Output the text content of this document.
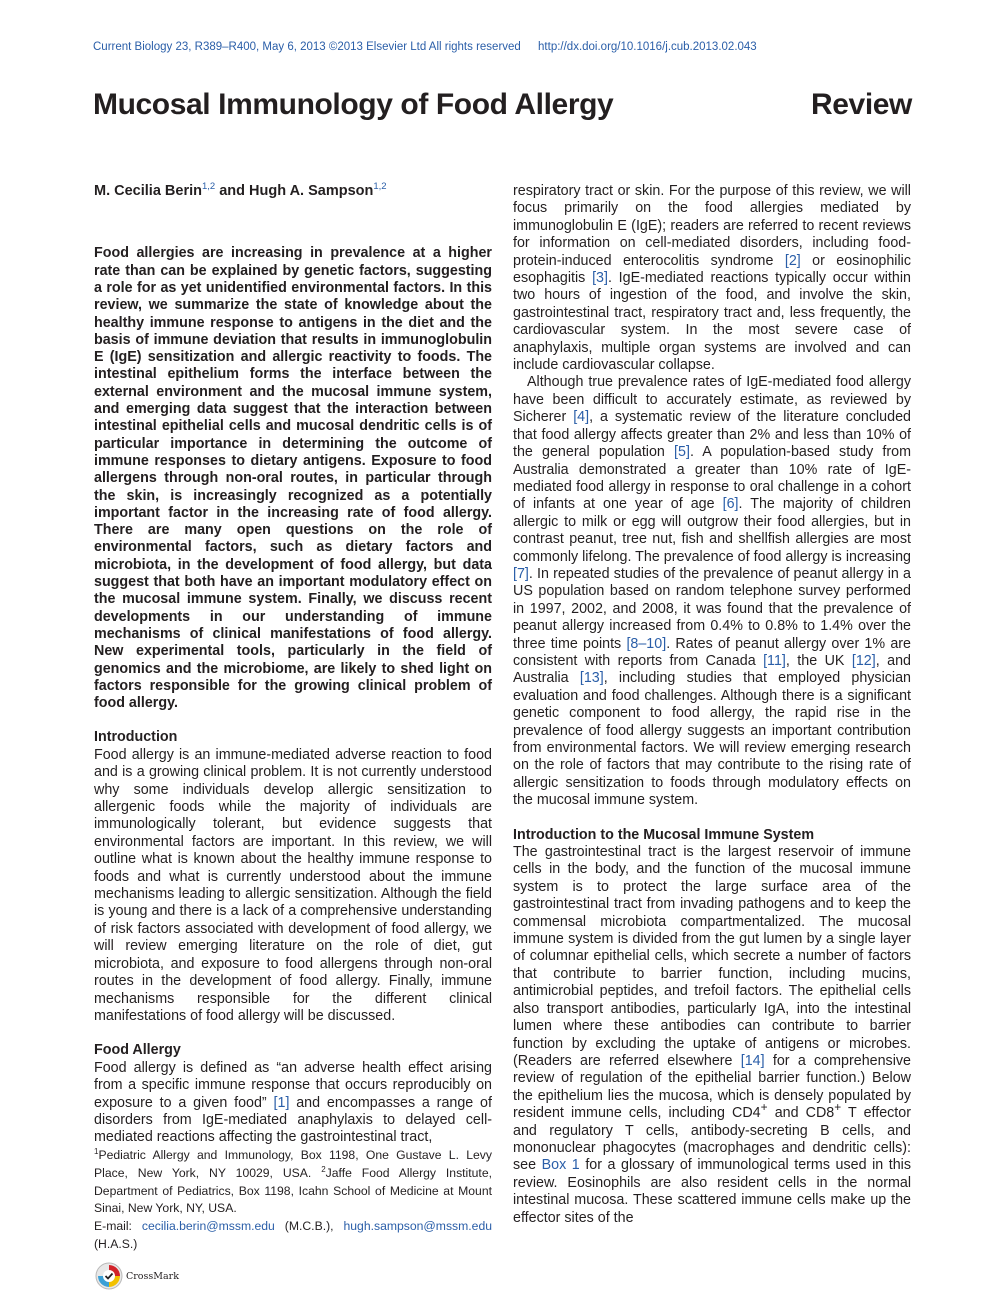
Current Biology 23, R389–R400, May 6, 2013 ©2013 Elsevier Ltd All rights reserved http://dx.doi.org/10.1016/j.cub.2013.02.043
Mucosal Immunology of Food Allergy	Review

M. Cecilia Berin$^{1,2}$ and Hugh A. Sampson$^{1,2}$

Food allergies are increasing in prevalence at a higher rate than can be explained by genetic factors, suggesting a role for as yet unidentified environmental factors. In this review, we summarize the state of knowledge about the healthy immune response to antigens in the diet and the basis of immune deviation that results in immunoglobulin E (IgE) sensitization and allergic reactivity to foods. The intestinal epithelium forms the interface between the external environment and the mucosal immune system, and emerging data suggest that the interaction between intestinal epithelial cells and mucosal dendritic cells is of particular importance in determining the outcome of immune responses to dietary antigens. Exposure to food allergens through non-oral routes, in particular through the skin, is increasingly recognized as a potentially important factor in the increasing rate of food allergy. There are many open questions on the role of environmental factors, such as dietary factors and microbiota, in the development of food allergy, but data suggest that both have an important modulatory effect on the mucosal immune system. Finally, we discuss recent developments in our understanding of immune mechanisms of clinical manifestations of food allergy. New experimental tools, particularly in the field of genomics and the microbiome, are likely to shed light on factors responsible for the growing clinical problem of food allergy.

Introduction

Food allergy is an immune-mediated adverse reaction to food and is a growing clinical problem. It is not currently understood why some individuals develop allergic sensitization to allergenic foods while the majority of individuals are immunologically tolerant, but evidence suggests that environmental factors are important. In this review, we will outline what is known about the healthy immune response to foods and what is currently understood about the immune mechanisms leading to allergic sensitization. Although the field is young and there is a lack of a comprehensive understanding of risk factors associated with development of food allergy, we will review emerging literature on the role of diet, gut microbiota, and exposure to food allergens through non-oral routes in the development of food allergy. Finally, immune mechanisms responsible for the different clinical manifestations of food allergy will be discussed.

Food Allergy

Food allergy is defined as “an adverse health effect arising from a specific immune response that occurs reproducibly on exposure to a given food” [1] and encompasses a range of disorders from IgE-mediated anaphylaxis to delayed cell-mediated reactions affecting the gastrointestinal tract,

$^1$Pediatric Allergy and Immunology, Box 1198, One Gustave L. Levy Place, New York, NY 10029, USA. $^2$Jaffe Food Allergy Institute, Department of Pediatrics, Box 1198, Icahn School of Medicine at Mount Sinai, New York, NY, USA.
E-mail: cecilia.berin@mssm.edu (M.C.B.), hugh.sampson@mssm.edu (H.A.S.)
CrossMark

respiratory tract or skin. For the purpose of this review, we will focus primarily on the food allergies mediated by immunoglobulin E (IgE); readers are referred to recent reviews for information on cell-mediated disorders, including food-protein-induced enterocolitis syndrome [2] or eosinophilic esophagitis [3]. IgE-mediated reactions typically occur within two hours of ingestion of the food, and involve the skin, gastrointestinal tract, respiratory tract and, less frequently, the cardiovascular system. In the most severe case of anaphylaxis, multiple organ systems are involved and can include cardiovascular collapse.

Although true prevalence rates of IgE-mediated food allergy have been difficult to accurately estimate, as reviewed by Sicherer [4], a systematic review of the literature concluded that food allergy affects greater than 2% and less than 10% of the general population [5]. A population-based study from Australia demonstrated a greater than 10% rate of IgE-mediated food allergy in response to oral challenge in a cohort of infants at one year of age [6]. The majority of children allergic to milk or egg will outgrow their food allergies, but in contrast peanut, tree nut, fish and shellfish allergies are most commonly lifelong. The prevalence of food allergy is increasing [7]. In repeated studies of the prevalence of peanut allergy in a US population based on random telephone survey performed in 1997, 2002, and 2008, it was found that the prevalence of peanut allergy increased from 0.4% to 0.8% to 1.4% over the three time points [8–10]. Rates of peanut allergy over 1% are consistent with reports from Canada [11], the UK [12], and Australia [13], including studies that employed physician evaluation and food challenges. Although there is a significant genetic component to food allergy, the rapid rise in the prevalence of food allergy suggests an important contribution from environmental factors. We will review emerging research on the role of factors that may contribute to the rising rate of allergic sensitization to foods through modulatory effects on the mucosal immune system.

Introduction to the Mucosal Immune System

The gastrointestinal tract is the largest reservoir of immune cells in the body, and the function of the mucosal immune system is to protect the large surface area of the gastrointestinal tract from invading pathogens and to keep the commensal microbiota compartmentalized. The mucosal immune system is divided from the gut lumen by a single layer of columnar epithelial cells, which secrete a number of factors that contribute to barrier function, including mucins, antimicrobial peptides, and trefoil factors. The epithelial cells also transport antibodies, particularly IgA, into the intestinal lumen where these antibodies can contribute to barrier function by excluding the uptake of antigens or microbes. (Readers are referred elsewhere [14] for a comprehensive review of regulation of the epithelial barrier function.) Below the epithelium lies the mucosa, which is densely populated by resident immune cells, including CD4+ and CD8+ T effector and regulatory T cells, antibody-secreting B cells, and mononuclear phagocytes (macrophages and dendritic cells): see Box 1 for a glossary of immunological terms used in this review. Eosinophils are also resident cells in the normal intestinal mucosa. These scattered immune cells make up the effector sites of the
